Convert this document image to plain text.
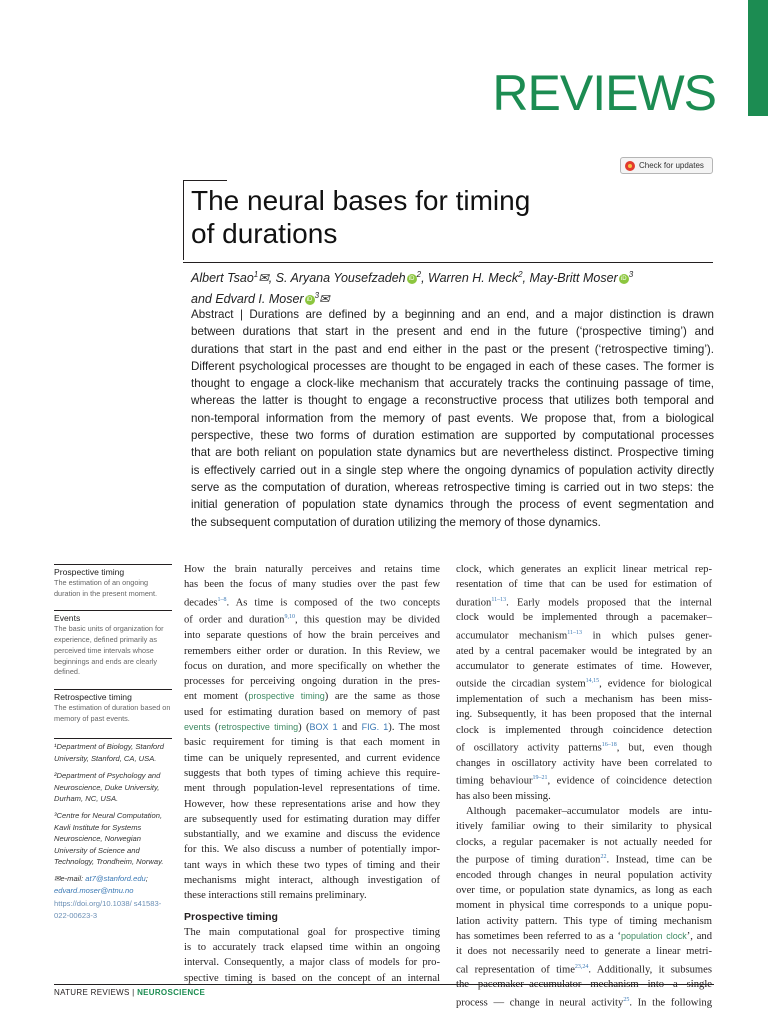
REVIEWS
Check for updates
The neural bases for timing
of durations
Albert Tsao$^1$✉, S. Aryana Yousefzadeh iD $^2$, Warren H. Meck$^2$, May-Britt Moser iD $^3$
and Edvard I. Moser iD $^3$✉
Abstract | Durations are defined by a beginning and an end, and a major distinction is drawn
between durations that start in the present and end in the future (‘prospective timing’) and
durations that start in the past and end either in the past or the present (‘retrospective timing’).
Different psychological processes are thought to be engaged in each of these cases. The former is
thought to engage a clock-like mechanism that accurately tracks the continuing passage of time,
whereas the latter is thought to engage a reconstructive process that utilizes both temporal and
non-temporal information from the memory of past events. We propose that, from a biological
perspective, these two forms of duration estimation are supported by computational processes
that are both reliant on population state dynamics but are nevertheless distinct. Prospective timing
is effectively carried out in a single step where the ongoing dynamics of population activity directly
serve as the computation of duration, whereas retrospective timing is carried out in two steps: the
initial generation of population state dynamics through the process of event segmentation and
the subsequent computation of duration utilizing the memory of those dynamics.
Prospective timing
The estimation of an ongoing duration in the present moment.
Events
The basic units of organization for experience, defined primarily as perceived time intervals whose beginnings and ends are clearly defined.
Retrospective timing
The estimation of duration based on memory of past events.
¹Department of Biology, Stanford University, Stanford, CA, USA.
²Department of Psychology and Neuroscience, Duke University, Durham, NC, USA.
³Centre for Neural Computation, Kavli Institute for Systems Neuroscience, Norwegian University of Science and Technology, Trondheim, Norway.
✉e-mail: at7@stanford.edu;
edvard.moser@ntnu.no
https://doi.org/10.1038/ s41583-022-00623-3
How the brain naturally perceives and retains time
has been the focus of many studies over the past few
decades$^{1-8}$. As time is composed of the two concepts
of order and duration$^{9,10}$, this question may be divided
into separate questions of how the brain perceives and
remembers either order or duration. In this Review, we
focus on duration, and more specifically on whether the
processes for perceiving ongoing duration in the pres-
ent moment (prospective timing) are the same as those
used for estimating duration based on memory of past
events (retrospective timing) (BOX 1 and FIG. 1). The most
basic requirement for timing is that each moment in
time can be uniquely represented, and current evidence
suggests that both types of timing achieve this require-
ment through population-level representations of time.
However, how these representations arise and how they
are subsequently used for estimating duration may differ
substantially, and we examine and discuss the evidence
for this. We also discuss a number of potentially impor-
tant ways in which these two types of timing and their
mechanisms might interact, although investigation of
these interactions still remains preliminary.
Prospective timing
The main computational goal for prospective timing
is to accurately track elapsed time within an ongoing
interval. Consequently, a major class of models for pro-
spective timing is based on the concept of an internal
clock, which generates an explicit linear metrical rep-
resentation of time that can be used for estimation of
duration$^{11-13}$. Early models proposed that the internal
clock would be implemented through a pacemaker–
accumulator mechanism$^{11-13}$ in which pulses gener-
ated by a central pacemaker would be integrated by an
accumulator to generate estimates of time. However,
outside the circadian system$^{14,15}$, evidence for biological
implementation of such a mechanism has been miss-
ing. Subsequently, it has been proposed that the internal
clock is implemented through coincidence detection
of oscillatory activity patterns$^{16-18}$, but, even though
changes in oscillatory activity have been correlated to
timing behaviour$^{19-21}$, evidence of coincidence detection
has also been missing.
Although pacemaker–accumulator models are intu-
itively familiar owing to their similarity to physical
clocks, a regular pacemaker is not actually needed for
the purpose of timing duration$^{22}$. Instead, time can be
encoded through changes in neural population activity
over time, or population state dynamics, as long as each
moment in physical time corresponds to a unique popu-
lation activity pattern. This type of timing mechanism
has sometimes been referred to as a ‘population clock’, and
it does not necessarily need to generate a linear metri-
cal representation of time$^{23,24}$. Additionally, it subsumes
process — change in neural activity$^{25}$. In the following
NATURE REVIEWS | NEUROSCIENCE
